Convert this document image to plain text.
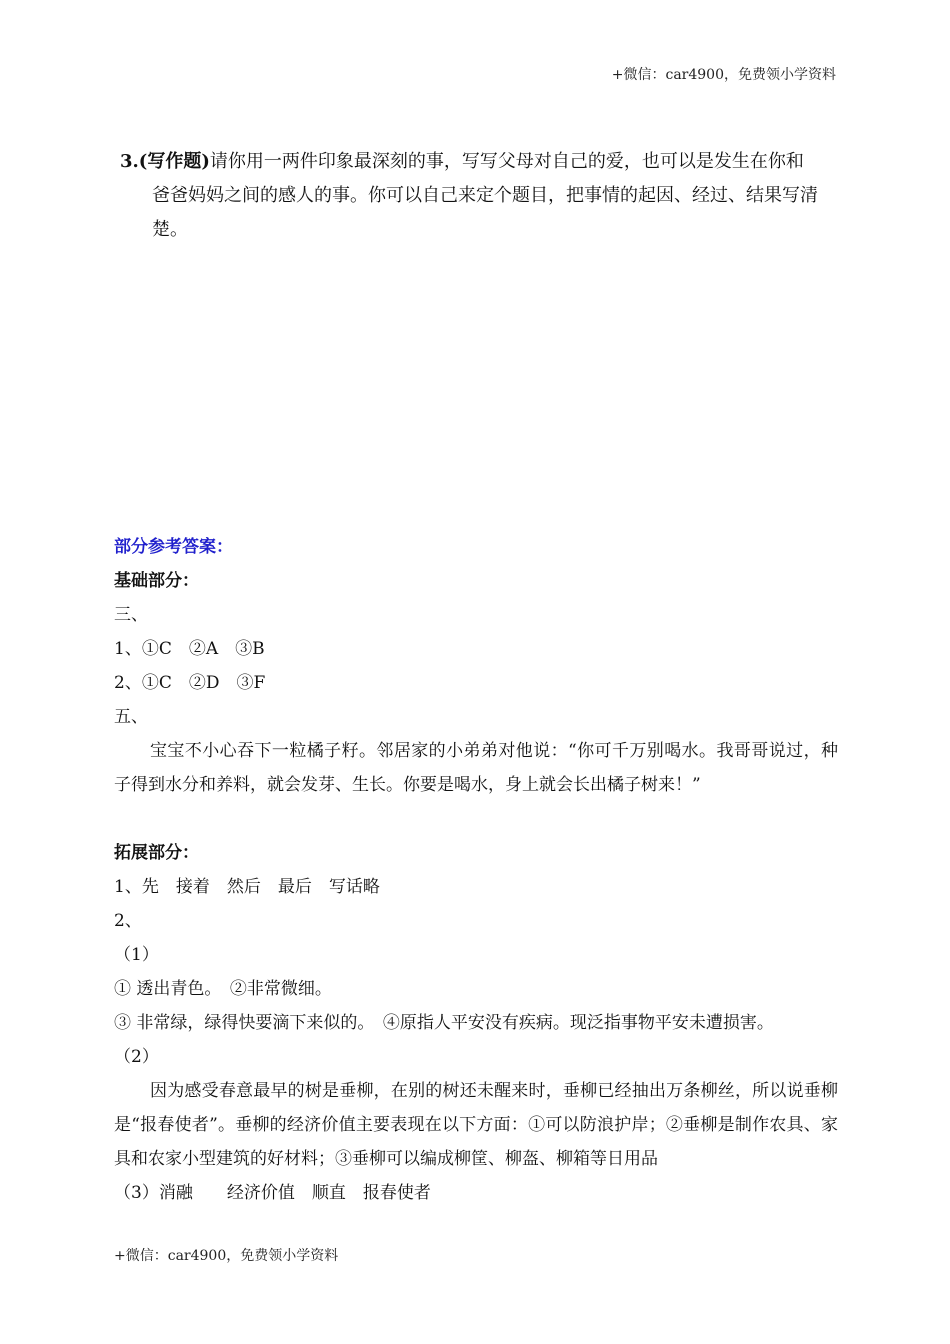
+微信：car4900，免费领小学资料
3.(写作题)请你用一两件印象最深刻的事，写写父母对自己的爱，也可以是发生在你和
爸爸妈妈之间的感人的事。你可以自己来定个题目，把事情的起因、经过、结果写清
楚。
部分参考答案：
基础部分：
三、
1、①C　②A　③B
2、①C　②D　③F
五、
宝宝不小心吞下一粒橘子籽。邻居家的小弟弟对他说：“你可千万别喝水。我哥哥说过，种子得到水分和养料，就会发芽、生长。你要是喝水，身上就会长出橘子树来！”
拓展部分：
1、先　接着　然后　最后　写话略
2、
（1）
① 透出青色。　②非常微细。
③ 非常绿，绿得快要滴下来似的。　④原指人平安没有疾病。现泛指事物平安未遭损害。
（2）
因为感受春意最早的树是垂柳，在别的树还未醒来时，垂柳已经抽出万条柳丝，所以说垂柳是“报春使者”。垂柳的经济价值主要表现在以下方面：①可以防浪护岸；②垂柳是制作农具、家具和农家小型建筑的好材料；③垂柳可以编成柳筐、柳盔、柳箱等日用品
（3）消融　　经济价值　顺直　报春使者
+微信：car4900，免费领小学资料
